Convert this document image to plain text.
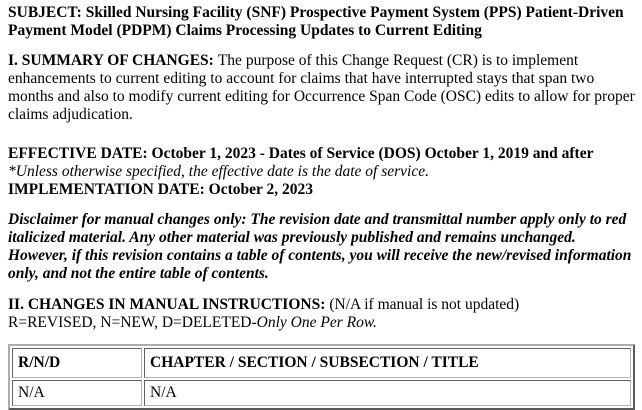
SUBJECT: Skilled Nursing Facility (SNF) Prospective Payment System (PPS) Patient-Driven Payment Model (PDPM) Claims Processing Updates to Current Editing

I. SUMMARY OF CHANGES: The purpose of this Change Request (CR) is to implement enhancements to current editing to account for claims that have interrupted stays that span two months and also to modify current editing for Occurrence Span Code (OSC) edits to allow for proper claims adjudication.

EFFECTIVE DATE: October 1, 2023 - Dates of Service (DOS) October 1, 2019 and after
*Unless otherwise specified, the effective date is the date of service.
IMPLEMENTATION DATE: October 2, 2023

Disclaimer for manual changes only: The revision date and transmittal number apply only to red italicized material. Any other material was previously published and remains unchanged. However, if this revision contains a table of contents, you will receive the new/revised information only, and not the entire table of contents.

II. CHANGES IN MANUAL INSTRUCTIONS: (N/A if manual is not updated)
R=REVISED, N=NEW, D=DELETED-Only One Per Row.
R/N/D	CHAPTER / SECTION / SUBSECTION / TITLE
N/A	N/A
